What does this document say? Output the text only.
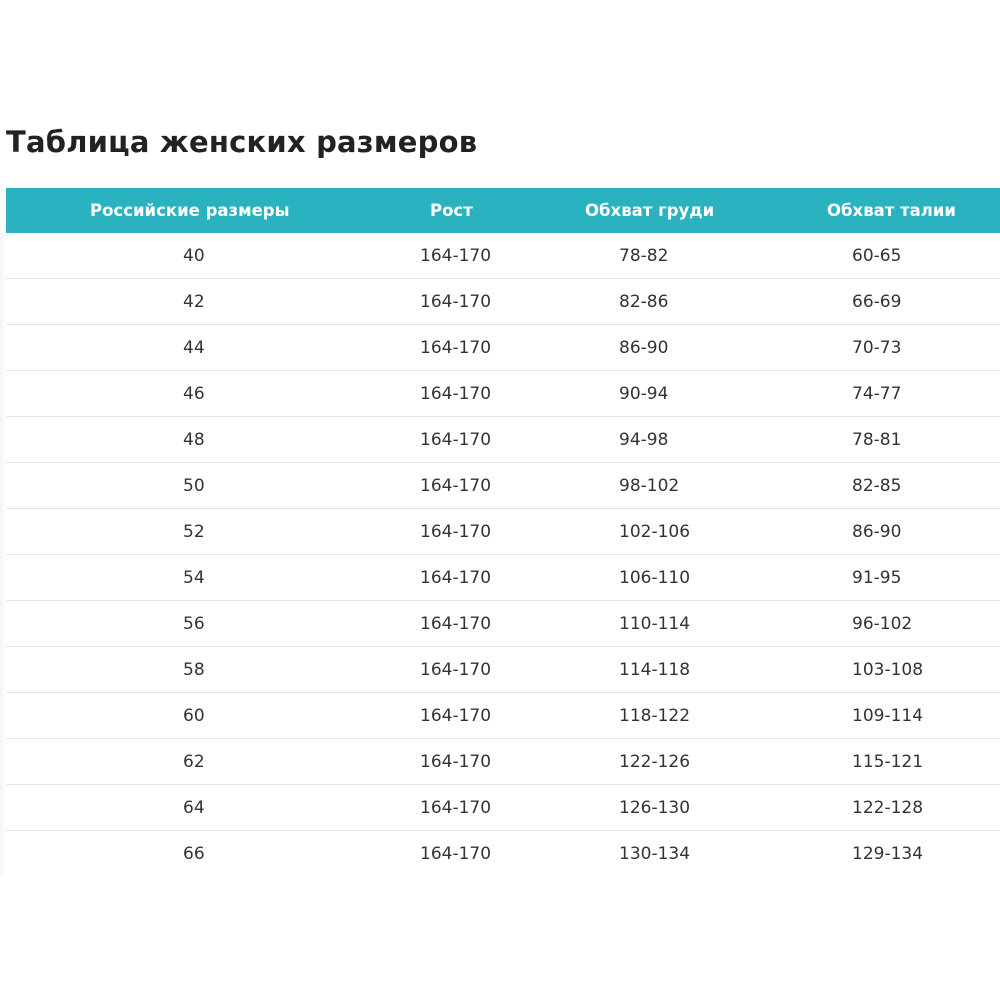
Таблица женских размеров
Российские размеры	Рост	Обхват груди	Обхват талии
40	164-170	78-82	60-65
42	164-170	82-86	66-69
44	164-170	86-90	70-73
46	164-170	90-94	74-77
48	164-170	94-98	78-81
50	164-170	98-102	82-85
52	164-170	102-106	86-90
54	164-170	106-110	91-95
56	164-170	110-114	96-102
58	164-170	114-118	103-108
60	164-170	118-122	109-114
62	164-170	122-126	115-121
64	164-170	126-130	122-128
66	164-170	130-134	129-134
